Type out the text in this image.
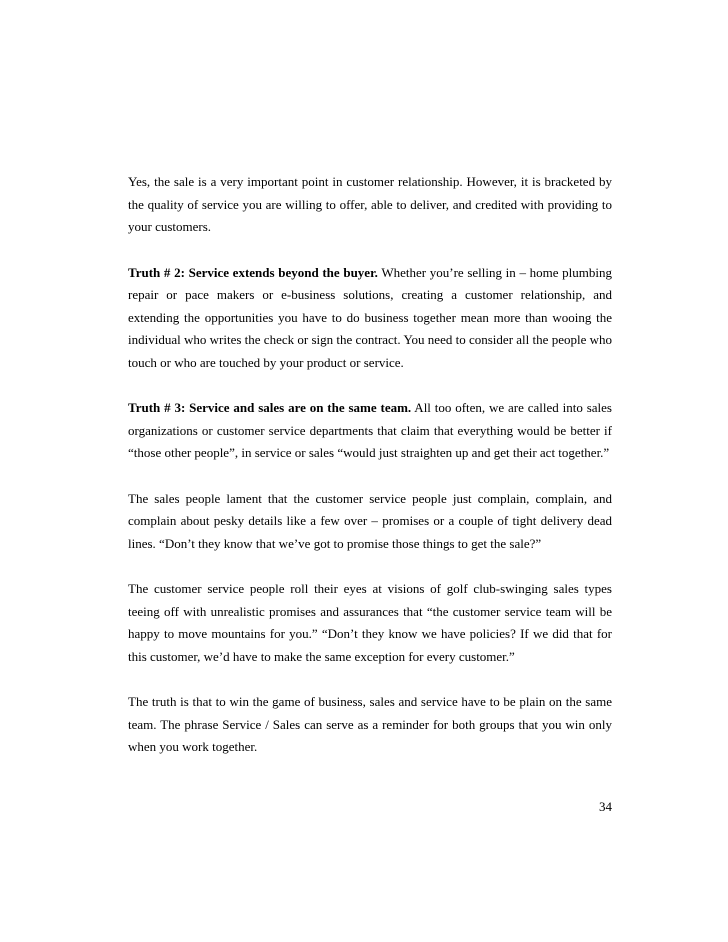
Yes, the sale is a very important point in customer relationship. However, it is bracketed by the quality of service you are willing to offer, able to deliver, and credited with providing to your customers.

Truth # 2: Service extends beyond the buyer. Whether you’re selling in – home plumbing repair or pace makers or e-business solutions, creating a customer relationship, and extending the opportunities you have to do business together mean more than wooing the individual who writes the check or sign the contract. You need to consider all the people who touch or who are touched by your product or service.

Truth # 3: Service and sales are on the same team. All too often, we are called into sales organizations or customer service departments that claim that everything would be better if “those other people”, in service or sales “would just straighten up and get their act together.”

The sales people lament that the customer service people just complain, complain, and complain about pesky details like a few over – promises or a couple of tight delivery dead lines. “Don’t they know that we’ve got to promise those things to get the sale?”

The customer service people roll their eyes at visions of golf club-swinging sales types teeing off with unrealistic promises and assurances that “the customer service team will be happy to move mountains for you.” “Don’t they know we have policies? If we did that for this customer, we’d have to make the same exception for every customer.”

The truth is that to win the game of business, sales and service have to be plain on the same team. The phrase Service / Sales can serve as a reminder for both groups that you win only when you work together.

34
